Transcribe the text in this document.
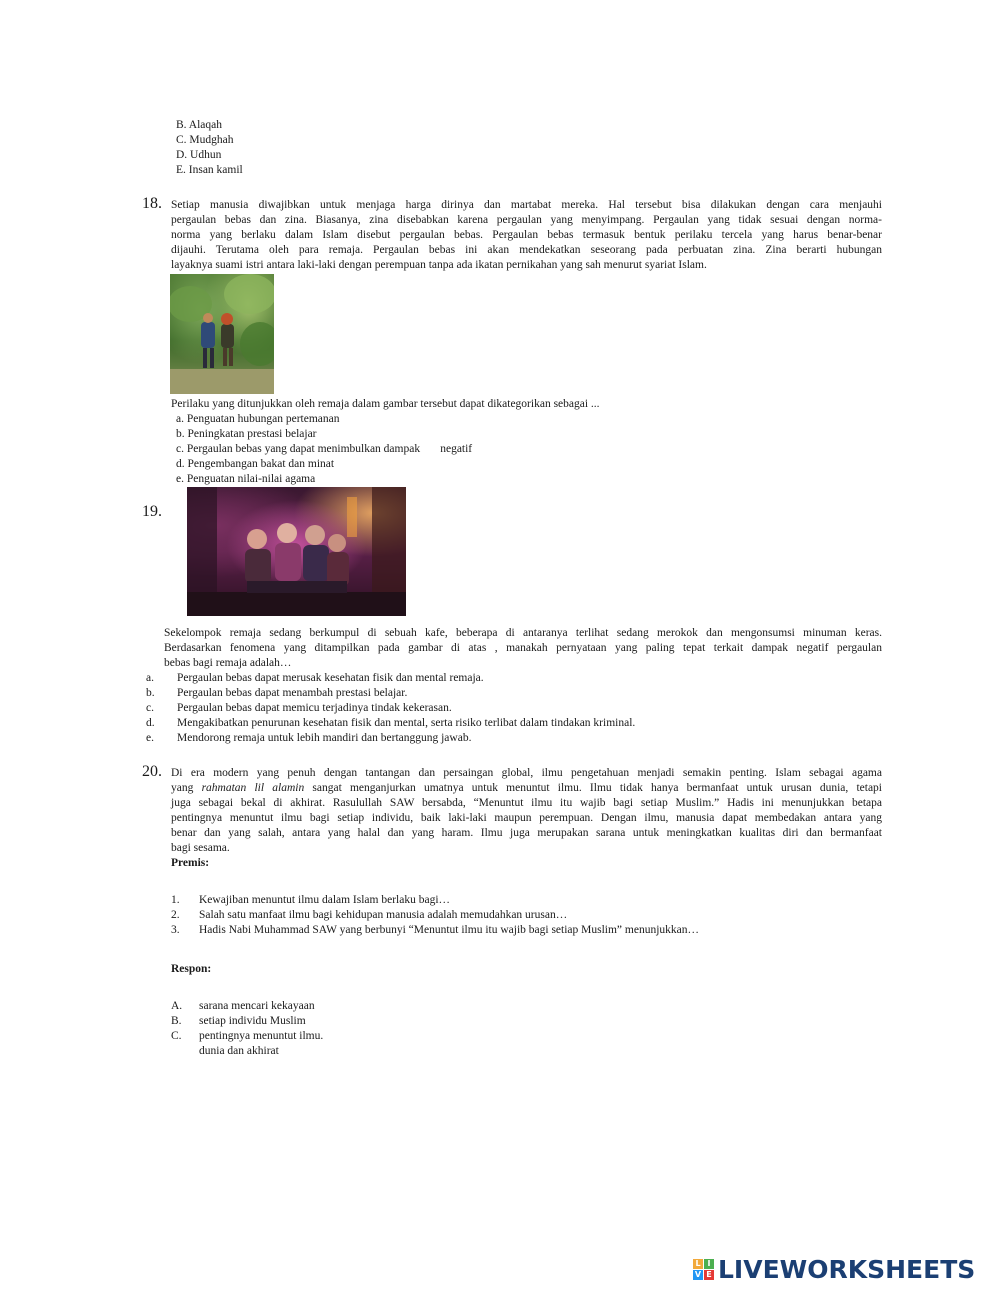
B. Alaqah
C. Mudghah
D. Udhun
E. Insan kamil
18. Setiap manusia diwajibkan untuk menjaga harga dirinya dan martabat mereka. Hal tersebut bisa dilakukan dengan cara menjauhi
pergaulan bebas dan zina. Biasanya, zina disebabkan karena pergaulan yang menyimpang. Pergaulan yang tidak sesuai dengan norma-
norma yang berlaku dalam Islam disebut pergaulan bebas. Pergaulan bebas termasuk bentuk perilaku tercela yang harus benar-benar
dijauhi. Terutama oleh para remaja. Pergaulan bebas ini akan mendekatkan seseorang pada perbuatan zina. Zina berarti hubungan
layaknya suami istri antara laki-laki dengan perempuan tanpa ada ikatan pernikahan yang sah menurut syariat Islam.
Perilaku yang ditunjukkan oleh remaja dalam gambar tersebut dapat dikategorikan sebagai ...
a. Penguatan hubungan pertemanan
b. Peningkatan prestasi belajar
c. Pergaulan bebas yang dapat menimbulkan dampak       negatif
d. Pengembangan bakat dan minat
e. Penguatan nilai-nilai agama
19.
Sekelompok remaja sedang berkumpul di sebuah kafe, beberapa di antaranya terlihat sedang merokok dan mengonsumsi minuman keras.
Berdasarkan fenomena yang ditampilkan pada gambar di atas , manakah pernyataan yang paling tepat terkait dampak negatif pergaulan
bebas bagi remaja adalah…
a. Pergaulan bebas dapat merusak kesehatan fisik dan mental remaja.
b. Pergaulan bebas dapat menambah prestasi belajar.
c. Pergaulan bebas dapat memicu terjadinya tindak kekerasan.
d. Mengakibatkan penurunan kesehatan fisik dan mental, serta risiko terlibat dalam tindakan kriminal.
e. Mendorong remaja untuk lebih mandiri dan bertanggung jawab.
20. Di era modern yang penuh dengan tantangan dan persaingan global, ilmu pengetahuan menjadi semakin penting. Islam sebagai agama
yang rahmatan lil alamin sangat menganjurkan umatnya untuk menuntut ilmu. Ilmu tidak hanya bermanfaat untuk urusan dunia, tetapi
juga sebagai bekal di akhirat. Rasulullah SAW bersabda, “Menuntut ilmu itu wajib bagi setiap Muslim.” Hadis ini menunjukkan betapa
pentingnya menuntut ilmu bagi setiap individu, baik laki-laki maupun perempuan. Dengan ilmu, manusia dapat membedakan antara yang
benar dan yang salah, antara yang halal dan yang haram. Ilmu juga merupakan sarana untuk meningkatkan kualitas diri dan bermanfaat
bagi sesama.
Premis:
1. Kewajiban menuntut ilmu dalam Islam berlaku bagi…
2. Salah satu manfaat ilmu bagi kehidupan manusia adalah memudahkan urusan…
3. Hadis Nabi Muhammad SAW yang berbunyi “Menuntut ilmu itu wajib bagi setiap Muslim” menunjukkan…
Respon:
A. sarana mencari kekayaan
B. setiap individu Muslim
C. pentingnya menuntut ilmu.
dunia dan akhirat
L I
V E LIVEWORKSHEETS
